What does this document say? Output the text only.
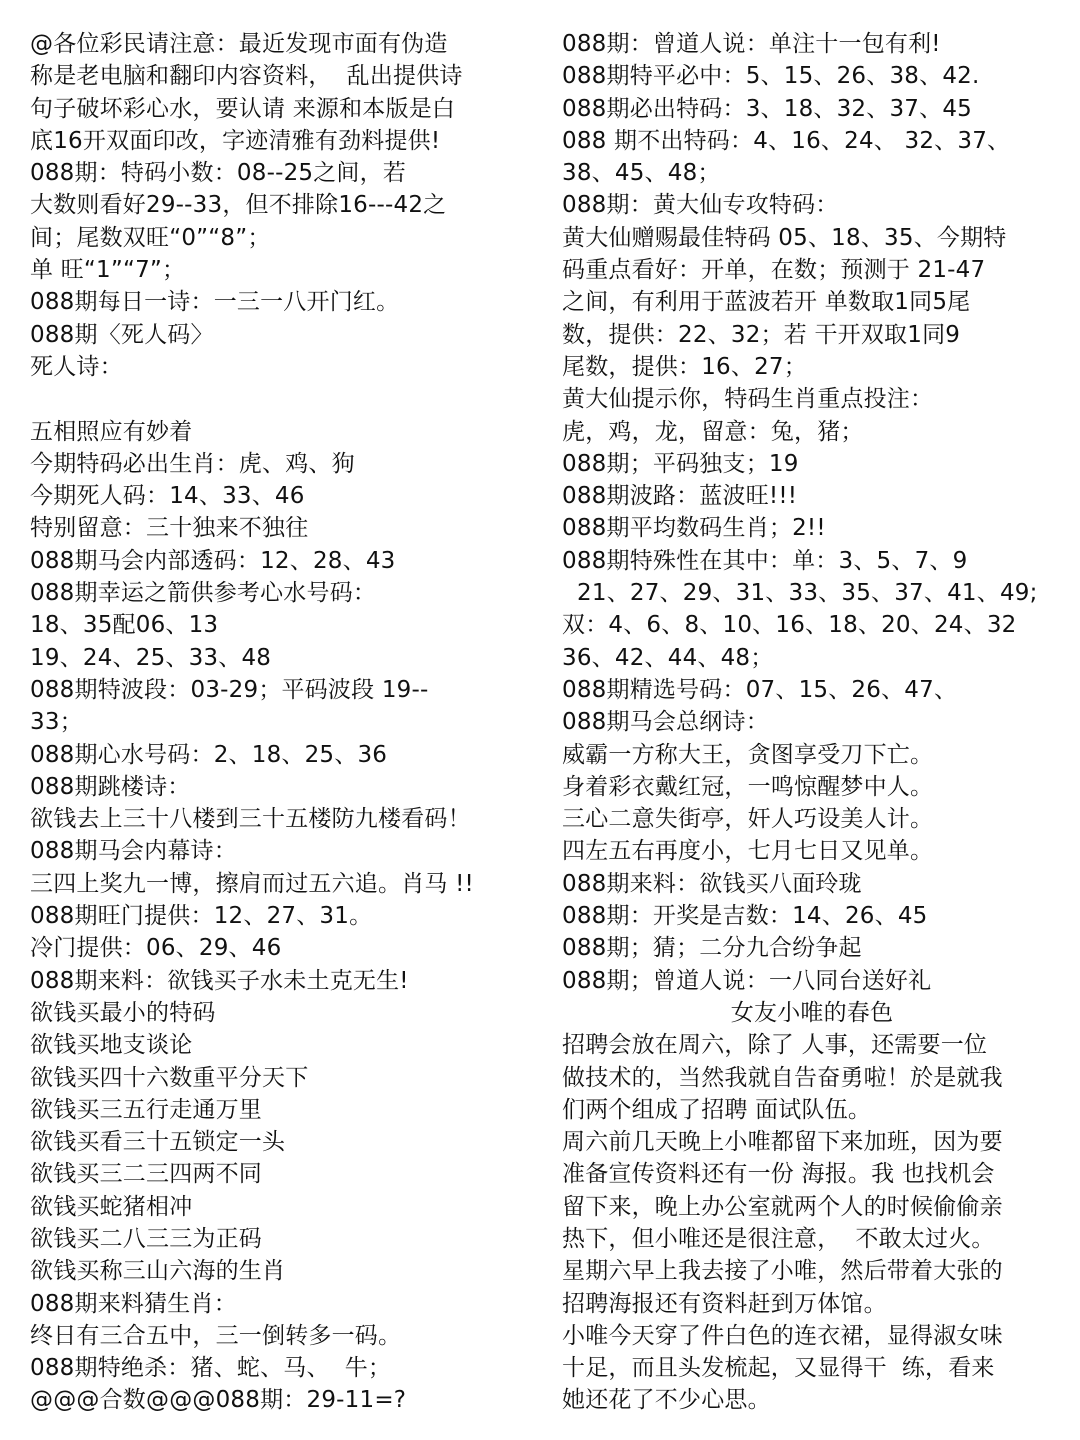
@各位彩民请注意：最近发现市面有伪造
称是老电脑和翻印内容资料，  乱出提供诗
句子破坏彩心水，要认请 来源和本版是白
底16开双面印改，字迹清雅有劲料提供!
088期：特码小数：08--25之间，若
大数则看好29--33，但不排除16---42之
间；尾数双旺“0”“8”；
单 旺“1”“7”；
088期每日一诗：一三一八开门红。
088期〈死人码〉
死人诗：
五相照应有妙着
今期特码必出生肖：虎、鸡、狗
今期死人码：14、33、46
特别留意：三十独来不独往
088期马会内部透码：12、28、43
088期幸运之箭供参考心水号码：
18、35配06、13
19、24、25、33、48
088期特波段：03-29；平码波段 19--
33；
088期心水号码：2、18、25、36
088期跳楼诗：
欲钱去上三十八楼到三十五楼防九楼看码！
088期马会内幕诗：
三四上奖九一博，擦肩而过五六追。肖马 !!
088期旺门提供：12、27、31。
冷门提供：06、29、46
088期来料：欲钱买子水未土克无生!
欲钱买最小的特码
欲钱买地支谈论
欲钱买四十六数重平分天下
欲钱买三五行走通万里
欲钱买看三十五锁定一头
欲钱买三二三四两不同
欲钱买蛇猪相冲
欲钱买二八三三为正码
欲钱买称三山六海的生肖
088期来料猜生肖：
终日有三合五中，三一倒转多一码。
088期特绝杀：猪、蛇、马、  牛；
@@@合数@@@088期：29-11=?
088期：曾道人说：单注十一包有利!
088期特平必中：5、15、26、38、42.
088期必出特码：3、18、32、37、45
088 期不出特码：4、16、24、 32、37、
38、45、48；
088期：黄大仙专攻特码：
黄大仙赠赐最佳特码 05、18、35、今期特
码重点看好：开单，在数；预测于 21-47
之间，有利用于蓝波若开 单数取1同5尾
数，提供：22、32；若 干开双取1同9
尾数，提供：16、27；
黄大仙提示你，特码生肖重点投注：
虎，鸡，龙，留意：兔，猪；
088期；平码独支；19
088期波路：蓝波旺!!!
088期平均数码生肖；2!!
088期特殊性在其中：单：3、5、7、9
21、27、29、31、33、35、37、41、49;
双：4、6、8、10、16、18、20、24、32
36、42、44、48；
088期精选号码：07、15、26、47、
088期马会总纲诗：
威霸一方称大王，贪图享受刀下亡。
身着彩衣戴红冠，一鸣惊醒梦中人。
三心二意失街亭，奸人巧设美人计。
四左五右再度小，七月七日又见单。
088期来料：欲钱买八面玲珑
088期：开奖是吉数：14、26、45
088期；猜；二分九合纷争起
088期；曾道人说：一八同台送好礼
女友小唯的春色
招聘会放在周六，除了 人事，还需要一位
做技术的，当然我就自告奋勇啦！於是就我
们两个组成了招聘 面试队伍。
周六前几天晚上小唯都留下来加班，因为要
准备宣传资料还有一份 海报。我 也找机会
留下来，晚上办公室就两个人的时候偷偷亲
热下，但小唯还是很注意，  不敢太过火。
星期六早上我去接了小唯，然后带着大张的
招聘海报还有资料赶到万体馆。
小唯今天穿了件白色的连衣裙，显得淑女味
十足，而且头发梳起，又显得干  练，看来
她还花了不少心思。
